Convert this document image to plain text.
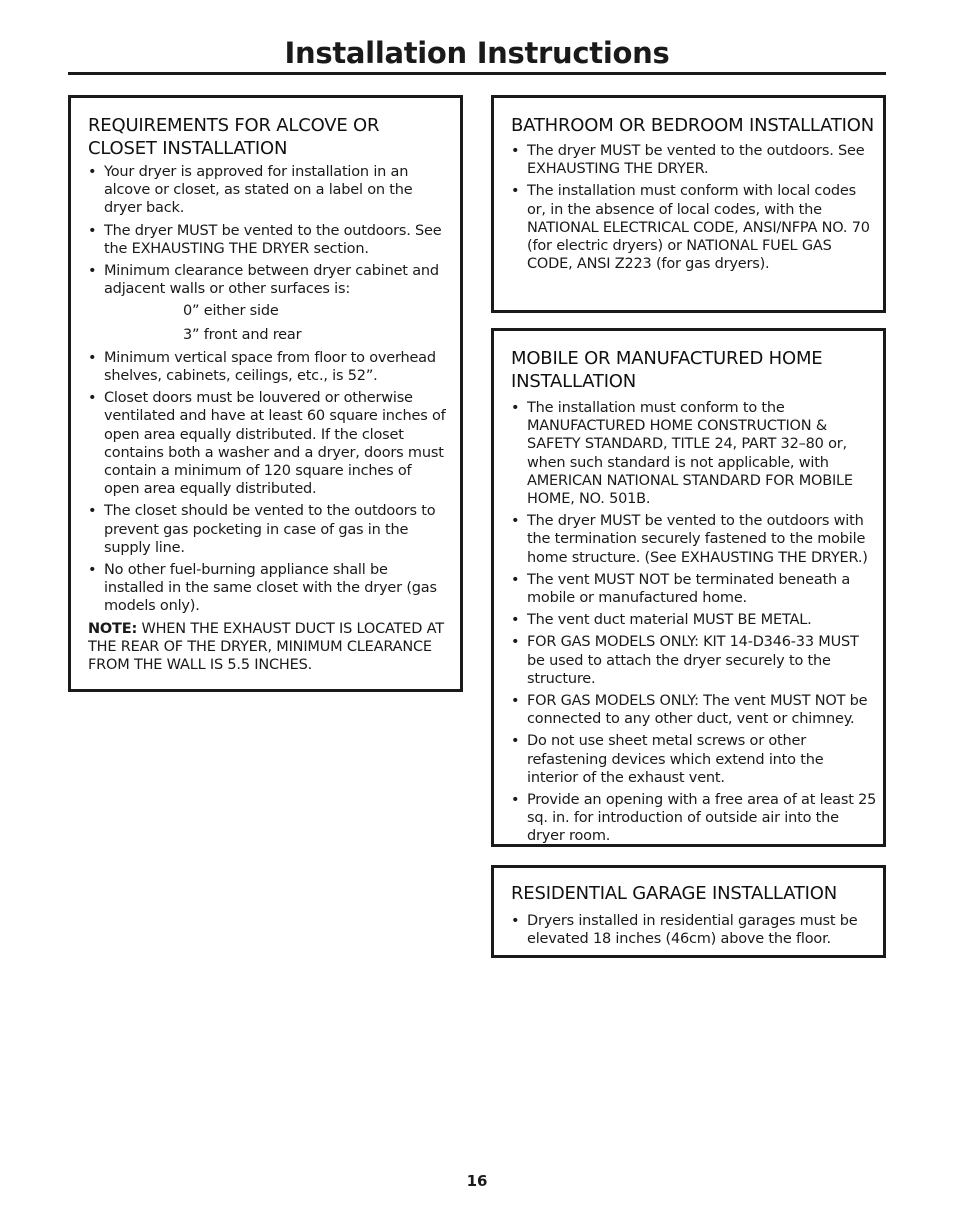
Installation Instructions
REQUIREMENTS FOR ALCOVE OR CLOSET INSTALLATION
• Your dryer is approved for installation in an alcove or closet, as stated on a label on the dryer back.
• The dryer MUST be vented to the outdoors. See the EXHAUSTING THE DRYER section.
• Minimum clearance between dryer cabinet and adjacent walls or other surfaces is:
0” either side
3” front and rear
• Minimum vertical space from floor to overhead shelves, cabinets, ceilings, etc., is 52”.
• Closet doors must be louvered or otherwise ventilated and have at least 60 square inches of open area equally distributed. If the closet contains both a washer and a dryer, doors must contain a minimum of 120 square inches of open area equally distributed.
• The closet should be vented to the outdoors to prevent gas pocketing in case of gas in the supply line.
• No other fuel-burning appliance shall be installed in the same closet with the dryer (gas models only).

NOTE: WHEN THE EXHAUST DUCT IS LOCATED AT THE REAR OF THE DRYER, MINIMUM CLEARANCE FROM THE WALL IS 5.5 INCHES.

BATHROOM OR BEDROOM INSTALLATION
• The dryer MUST be vented to the outdoors. See EXHAUSTING THE DRYER.
• The installation must conform with local codes or, in the absence of local codes, with the NATIONAL ELECTRICAL CODE, ANSI/NFPA NO. 70 (for electric dryers) or NATIONAL FUEL GAS CODE, ANSI Z223 (for gas dryers).
MOBILE OR MANUFACTURED HOME INSTALLATION
• The installation must conform to the MANUFACTURED HOME CONSTRUCTION & SAFETY STANDARD, TITLE 24, PART 32–80 or, when such standard is not applicable, with AMERICAN NATIONAL STANDARD FOR MOBILE HOME, NO. 501B.
• The dryer MUST be vented to the outdoors with the termination securely fastened to the mobile home structure. (See EXHAUSTING THE DRYER.)
• The vent MUST NOT be terminated beneath a mobile or manufactured home.
• The vent duct material MUST BE METAL.
• FOR GAS MODELS ONLY: KIT 14-D346-33 MUST be used to attach the dryer securely to the structure.
• FOR GAS MODELS ONLY: The vent MUST NOT be connected to any other duct, vent or chimney.
• Do not use sheet metal screws or other refastening devices which extend into the interior of the exhaust vent.
• Provide an opening with a free area of at least 25 sq. in. for introduction of outside air into the dryer room.
RESIDENTIAL GARAGE INSTALLATION
• Dryers installed in residential garages must be elevated 18 inches (46cm) above the floor.
16
